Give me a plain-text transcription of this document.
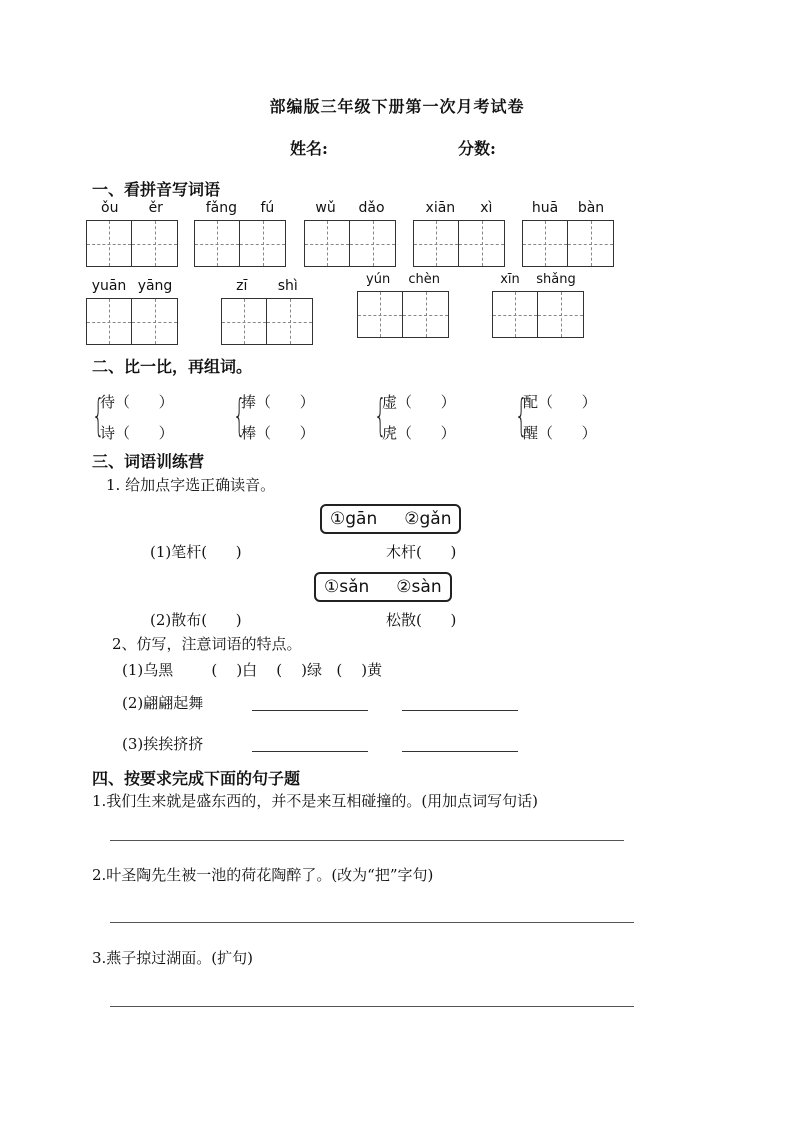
部编版三年级下册第一次月考试卷
姓名:	分数:
一、看拼音写词语
ǒu ěr	fǎng fú	wǔ dǎo	xiān xì	huā bàn
yuān yāng	zī shì	yún chèn	xīn shǎng
二、比一比，再组词。
{
待（      ）
诗（      ） {
捧（      ）
棒（      ） {
虚（      ）
虎（      ） {
配（      ）
醒（      ）
三、词语训练营
1. 给加点字选正确读音。
①gān     ②gǎn
(1)笔杆(      )	木杆(      )
①sǎn     ②sàn
(2)散布(      )	松散(      )
2、仿写，注意词语的特点。
(1)乌黑        (    )白    (    )绿   (    )黄
(2)翩翩起舞
(3)挨挨挤挤
四、按要求完成下面的句子题
1.我们生来就是盛东西的，并不是来互相碰撞的。(用加点词写句话)
2.叶圣陶先生被一池的荷花陶醉了。(改为“把”字句)
3.燕子掠过湖面。(扩句)
